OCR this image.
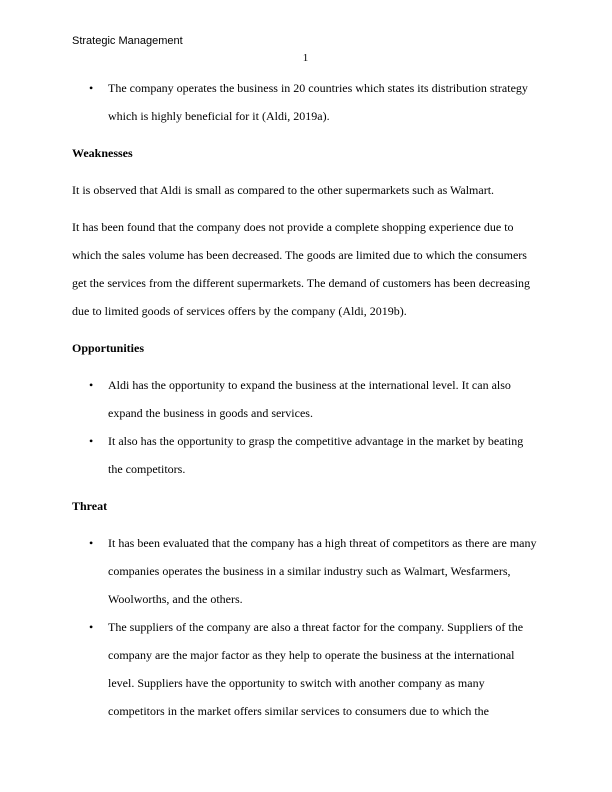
Strategic Management
1
• The company operates the business in 20 countries which states its distribution strategy which is highly beneficial for it (Aldi, 2019a).
Weaknesses

It is observed that Aldi is small as compared to the other supermarkets such as Walmart.

It has been found that the company does not provide a complete shopping experience due to which the sales volume has been decreased. The goods are limited due to which the consumers get the services from the different supermarkets. The demand of customers has been decreasing due to limited goods of services offers by the company (Aldi, 2019b).

Opportunities
• Aldi has the opportunity to expand the business at the international level. It can also expand the business in goods and services.
• It also has the opportunity to grasp the competitive advantage in the market by beating the competitors.
Threat
• It has been evaluated that the company has a high threat of competitors as there are many companies operates the business in a similar industry such as Walmart, Wesfarmers, Woolworths, and the others.
• The suppliers of the company are also a threat factor for the company. Suppliers of the company are the major factor as they help to operate the business at the international level. Suppliers have the opportunity to switch with another company as many competitors in the market offers similar services to consumers due to which the
